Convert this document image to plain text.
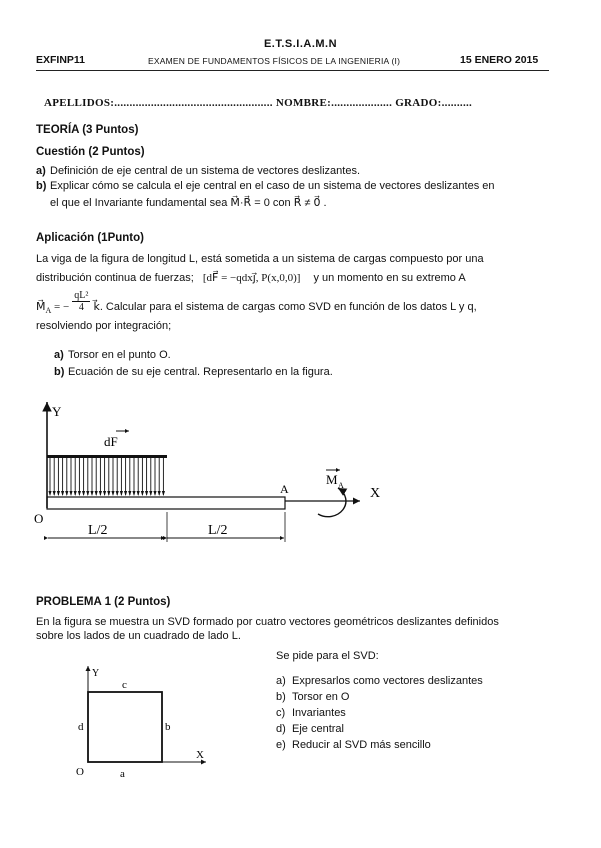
E.T.S.I.A.M.N
EXFINP11	EXAMEN DE FUNDAMENTOS FÍSICOS DE LA INGENIERIA (I)	15 ENERO 2015
APELLIDOS:.................................................... NOMBRE:.................... GRADO:..........
TEORÍA (3 Puntos)
Cuestión (2 Puntos)
a) Definición de eje central de un sistema de vectores deslizantes.
b) Explicar cómo se calcula el eje central en el caso de un sistema de vectores deslizantes en
el que el Invariante fundamental sea M⃗·R⃗ = 0 con R⃗ ≠ 0⃗ .
Aplicación (1Punto)
La viga de la figura de longitud L, está sometida a un sistema de cargas compuesto por una
distribución continua de fuerzas; [dF⃗ = −qdxj⃗, P(x,0,0)] y un momento en su extremo A
$M⃗_A$ = − $\frac{\text{qL²}}{4}$ k⃗. Calcular para el sistema de cargas como SVD en función de los datos L y q,
resolviendo por integración;
a) Torsor en el punto O.
b) Ecuación de su eje central. Representarlo en la figura.
Y
dF
A	X
M A
O
L/2	L/2
PROBLEMA 1 (2 Puntos)
En la figura se muestra un SVD formado por cuatro vectores geométricos deslizantes definidos
sobre los lados de un cuadrado de lado L.
Se pide para el SVD:
a) Expresarlos como vectores deslizantes
b) Torsor en O
c) Invariantes
d) Eje central
e) Reducir al SVD más sencillo
Y
X
O
c
d	b
a
